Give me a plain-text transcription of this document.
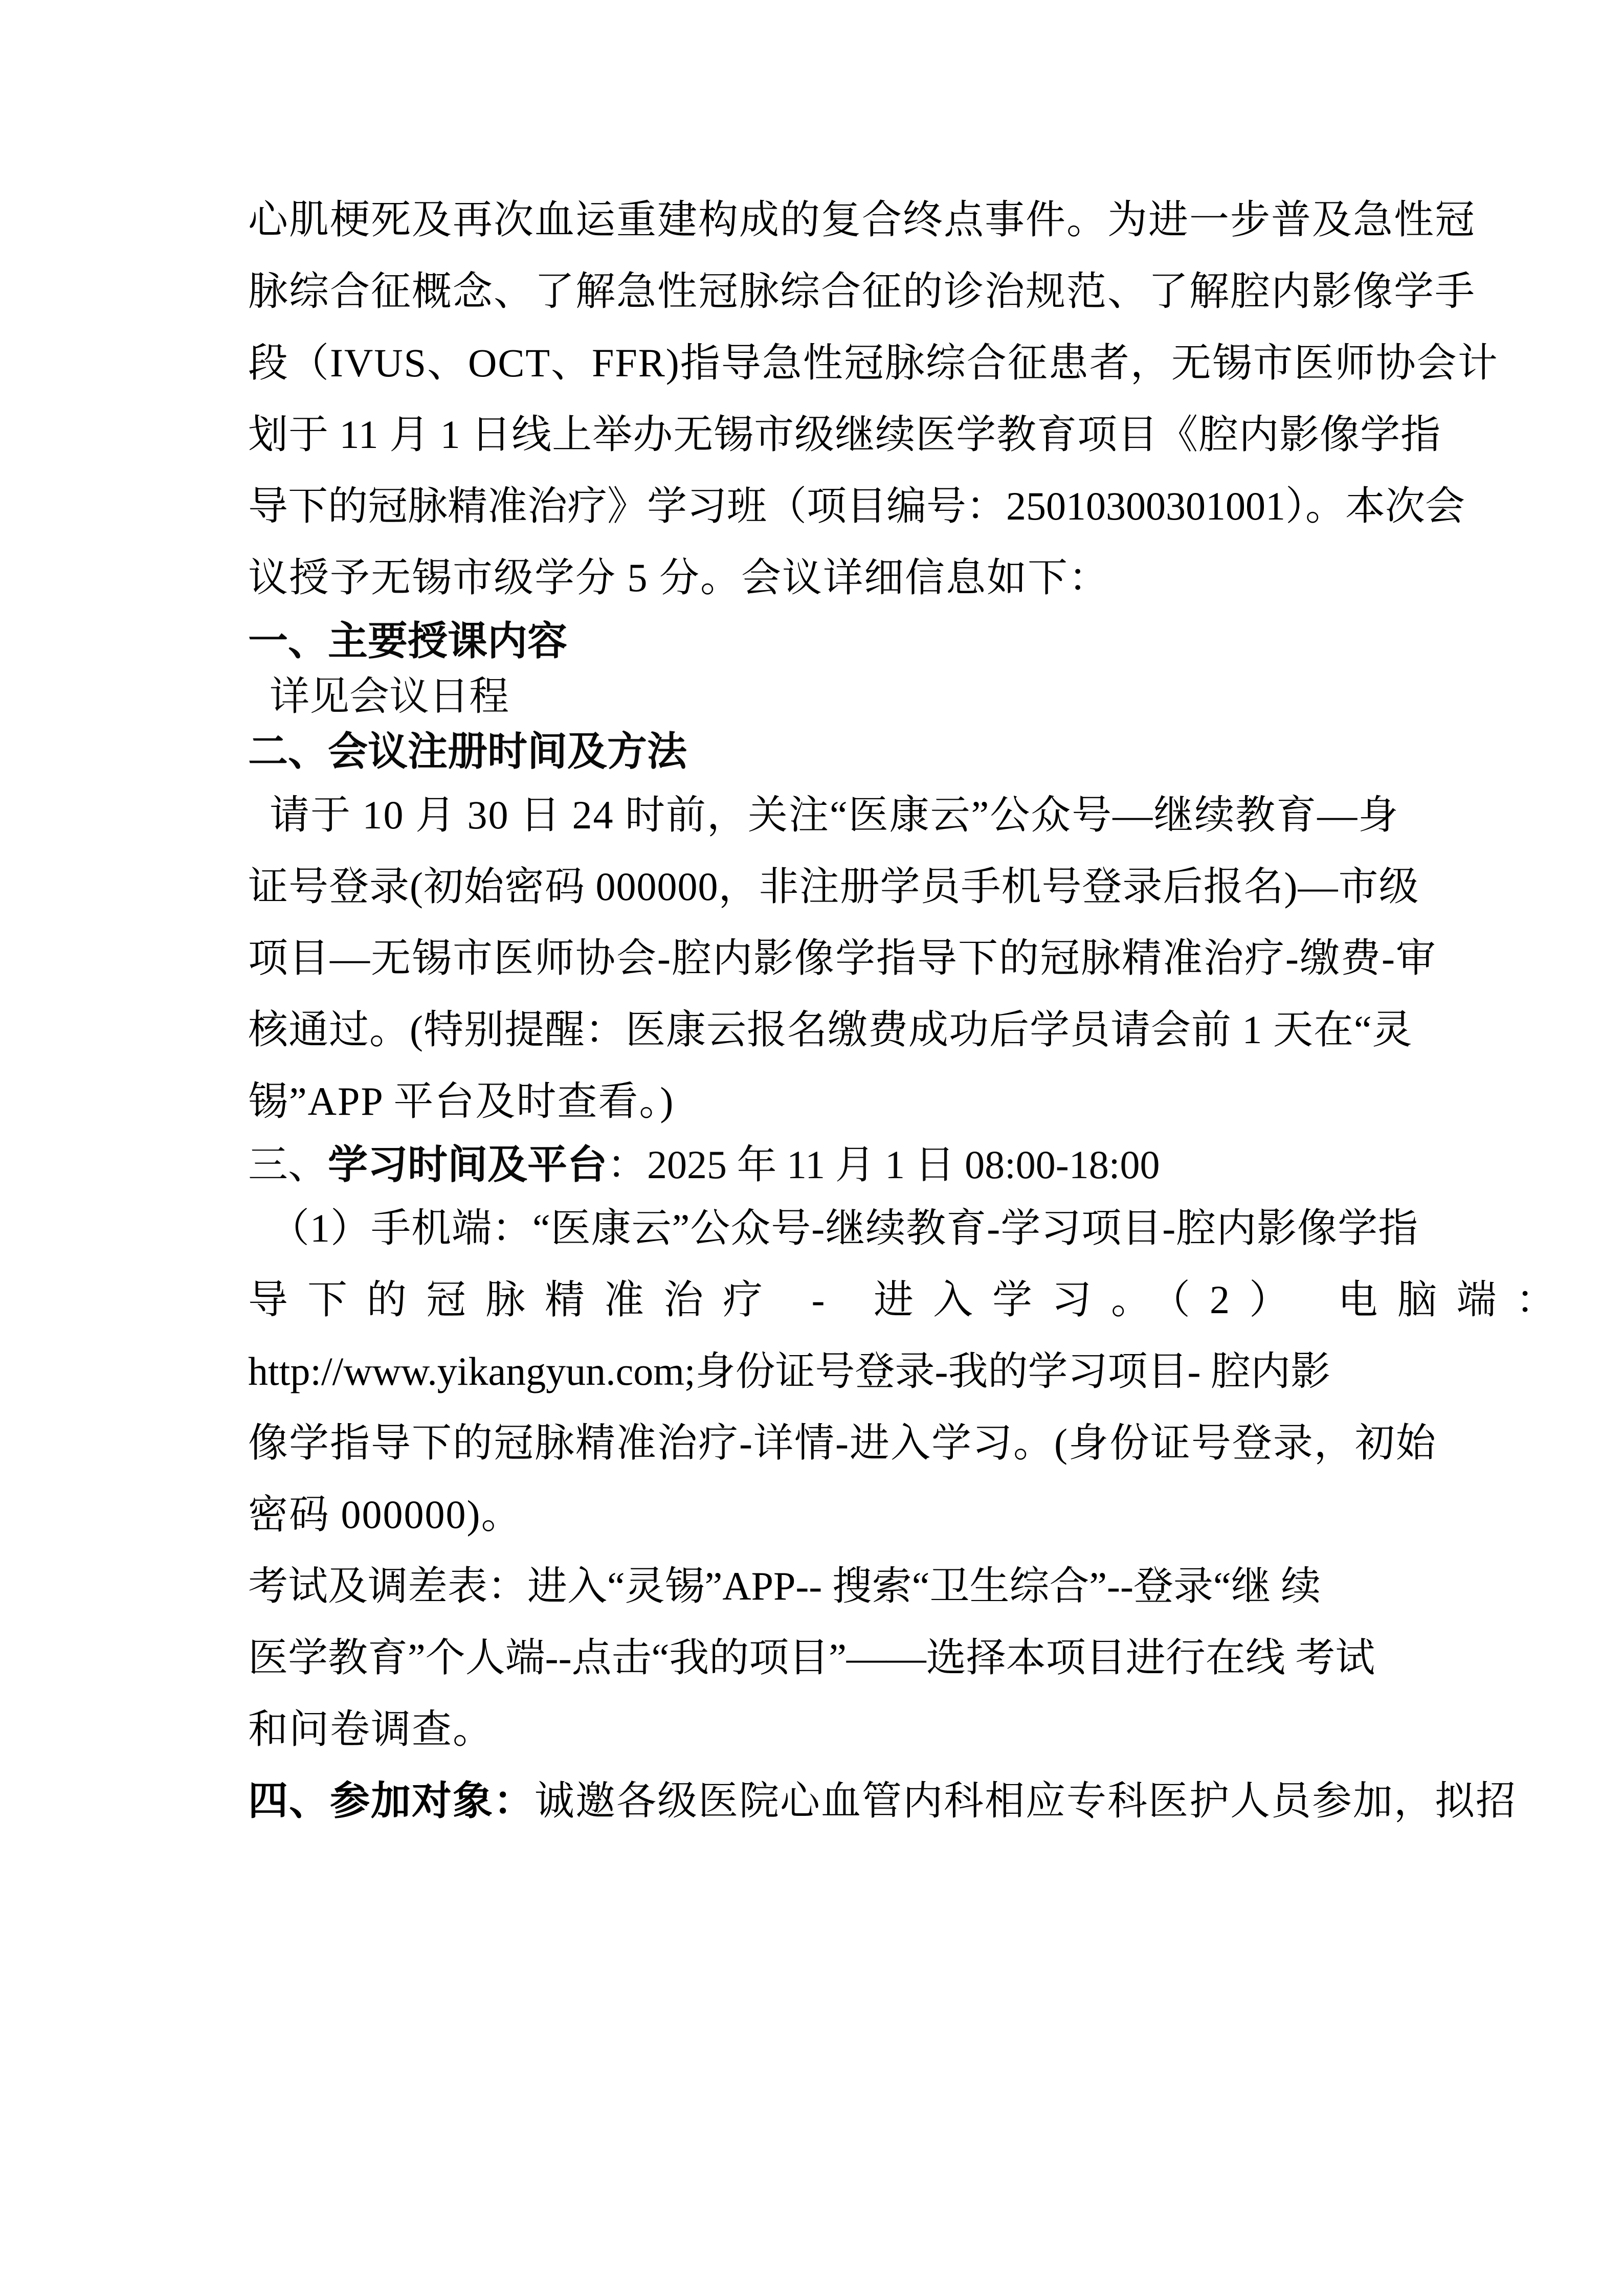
心肌梗死及再次血运重建构成的复合终点事件。为进一步普及急性冠
脉综合征概念、了解急性冠脉综合征的诊治规范、了解腔内影像学手
段（IVUS、OCT、FFR)指导急性冠脉综合征患者，无锡市医师协会计
划于 11 月 1 日线上举办无锡市级继续医学教育项目《腔内影像学指
导下的冠脉精准治疗》学习班（项目编号：25010300301001）。本次会
议授予无锡市级学分 5 分。会议详细信息如下：
一、主要授课内容
详见会议日程
二、会议注册时间及方法
请于 10 月 30 日 24 时前，关注“医康云”公众号—继续教育—身
证号登录(初始密码 000000，非注册学员手机号登录后报名)—市级
项目—无锡市医师协会-腔内影像学指导下的冠脉精准治疗-缴费-审
核通过。(特别提醒：医康云报名缴费成功后学员请会前 1 天在“灵
锡”APP 平台及时查看。)
三、学习时间及平台：2025 年 11 月 1 日 08:00-18:00
（1）手机端：“医康云”公众号-继续教育-学习项目-腔内影像学指
导下的冠脉精准治疗 - 进入学习。（2） 电脑端：
http://www.yikangyun.com;身份证号登录-我的学习项目- 腔内影
像学指导下的冠脉精准治疗-详情-进入学习。(身份证号登录，初始
密码 000000)。
考试及调差表：进入“灵锡”APP-- 搜索“卫生综合”--登录“继 续
医学教育”个人端--点击“我的项目”——选择本项目进行在线 考试
和问卷调查。
四、参加对象：诚邀各级医院心血管内科相应专科医护人员参加，拟招
